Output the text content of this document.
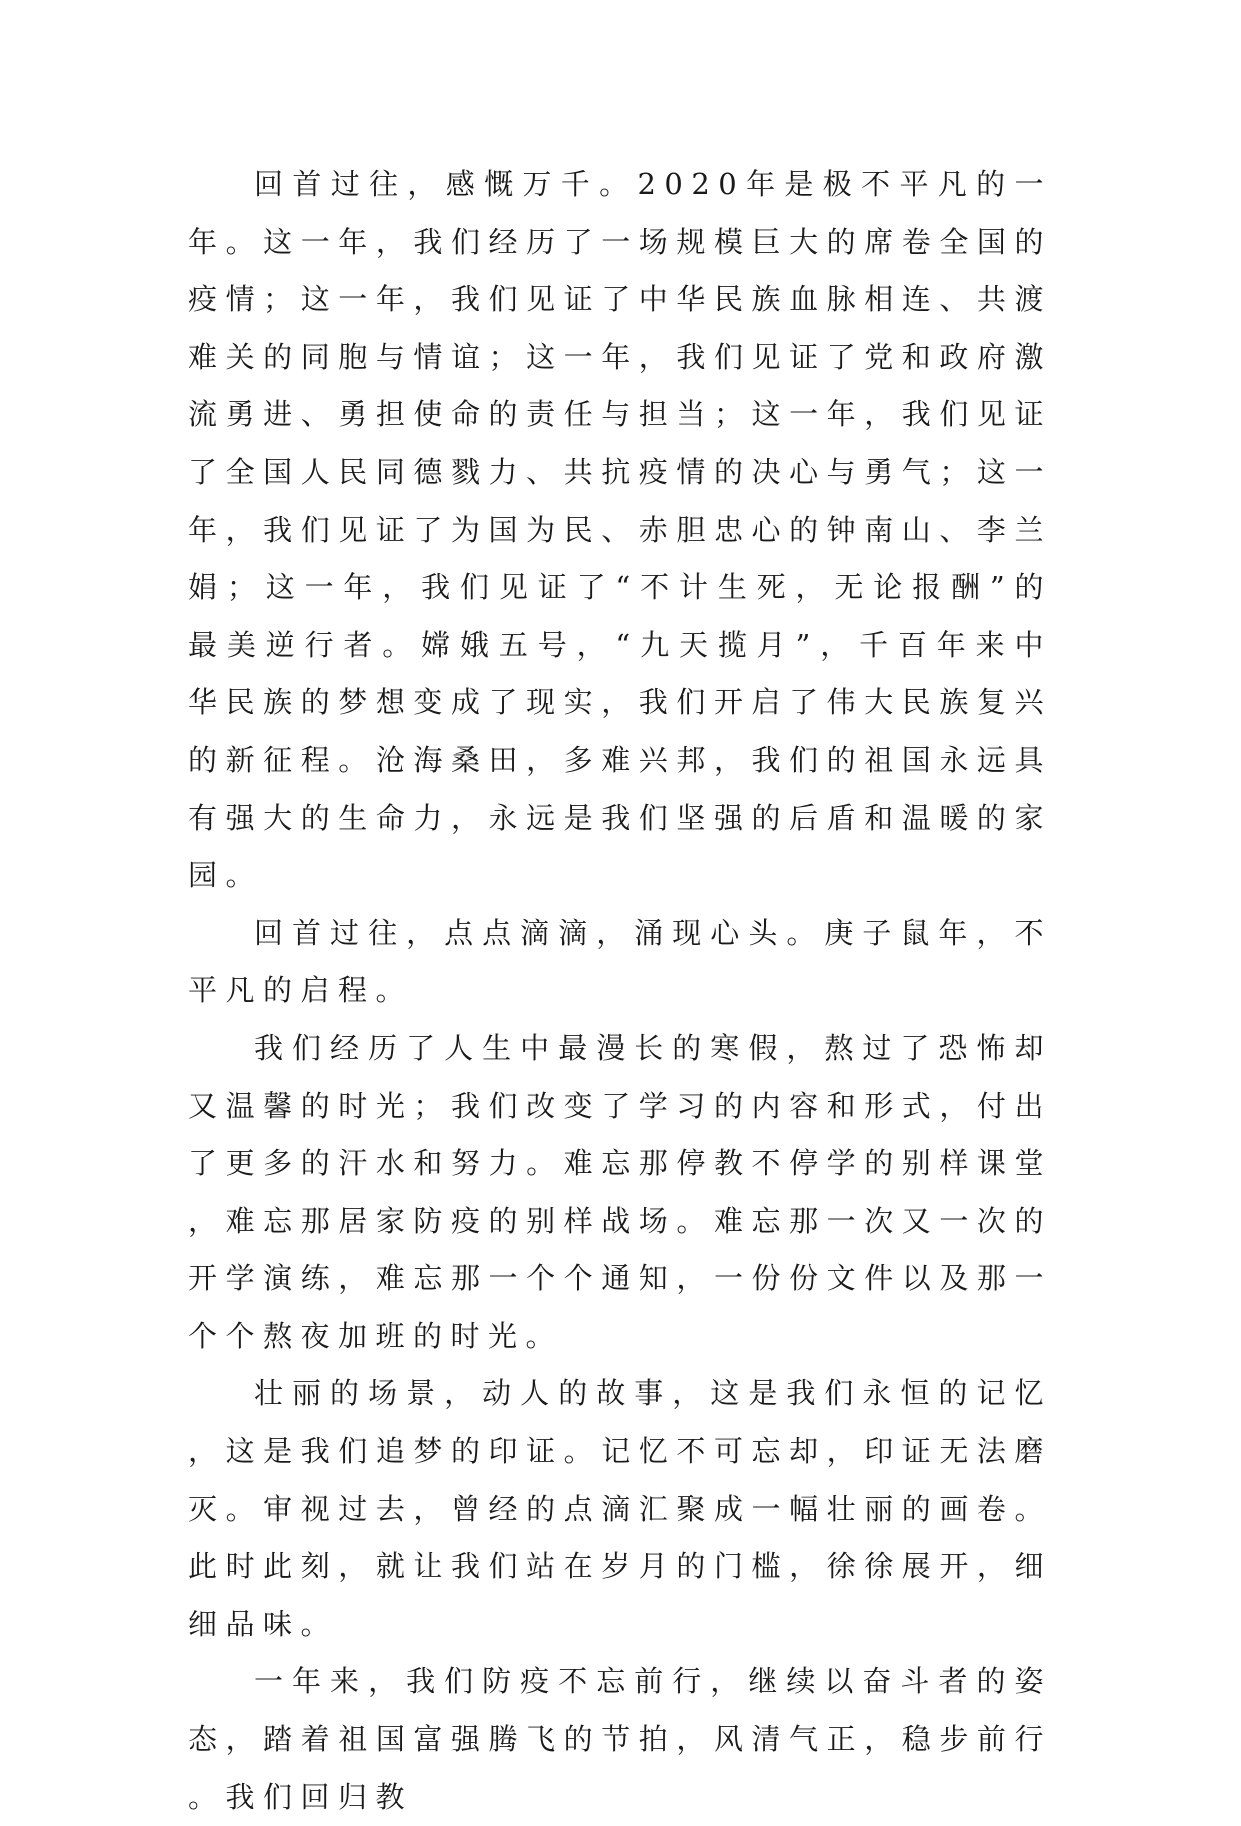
回首过往，感慨万千。2020年是极不平凡的一年。这一年，我们经历了一场规模巨大的席卷全国的疫情；这一年，我们见证了中华民族血脉相连、共渡难关的同胞与情谊；这一年，我们见证了党和政府激流勇进、勇担使命的责任与担当；这一年，我们见证了全国人民同德戮力、共抗疫情的决心与勇气；这一年，我们见证了为国为民、赤胆忠心的钟南山、李兰娟；这一年，我们见证了“不计生死，无论报酬”的最美逆行者。嫦娥五号，“九天揽月”，千百年来中华民族的梦想变成了现实，我们开启了伟大民族复兴的新征程。沧海桑田，多难兴邦，我们的祖国永远具有强大的生命力，永远是我们坚强的后盾和温暖的家园。

回首过往，点点滴滴，涌现心头。庚子鼠年，不平凡的启程。

我们经历了人生中最漫长的寒假，熬过了恐怖却又温馨的时光；我们改变了学习的内容和形式，付出了更多的汗水和努力。难忘那停教不停学的别样课堂，难忘那居家防疫的别样战场。难忘那一次又一次的开学演练，难忘那一个个通知，一份份文件以及那一个个熬夜加班的时光。

壮丽的场景，动人的故事，这是我们永恒的记忆，这是我们追梦的印证。记忆不可忘却，印证无法磨灭。审视过去，曾经的点滴汇聚成一幅壮丽的画卷。此时此刻，就让我们站在岁月的门槛，徐徐展开，细细品味。

一年来，我们防疫不忘前行，继续以奋斗者的姿态，踏着祖国富强腾飞的节拍，风清气正，稳步前行。我们回归教
